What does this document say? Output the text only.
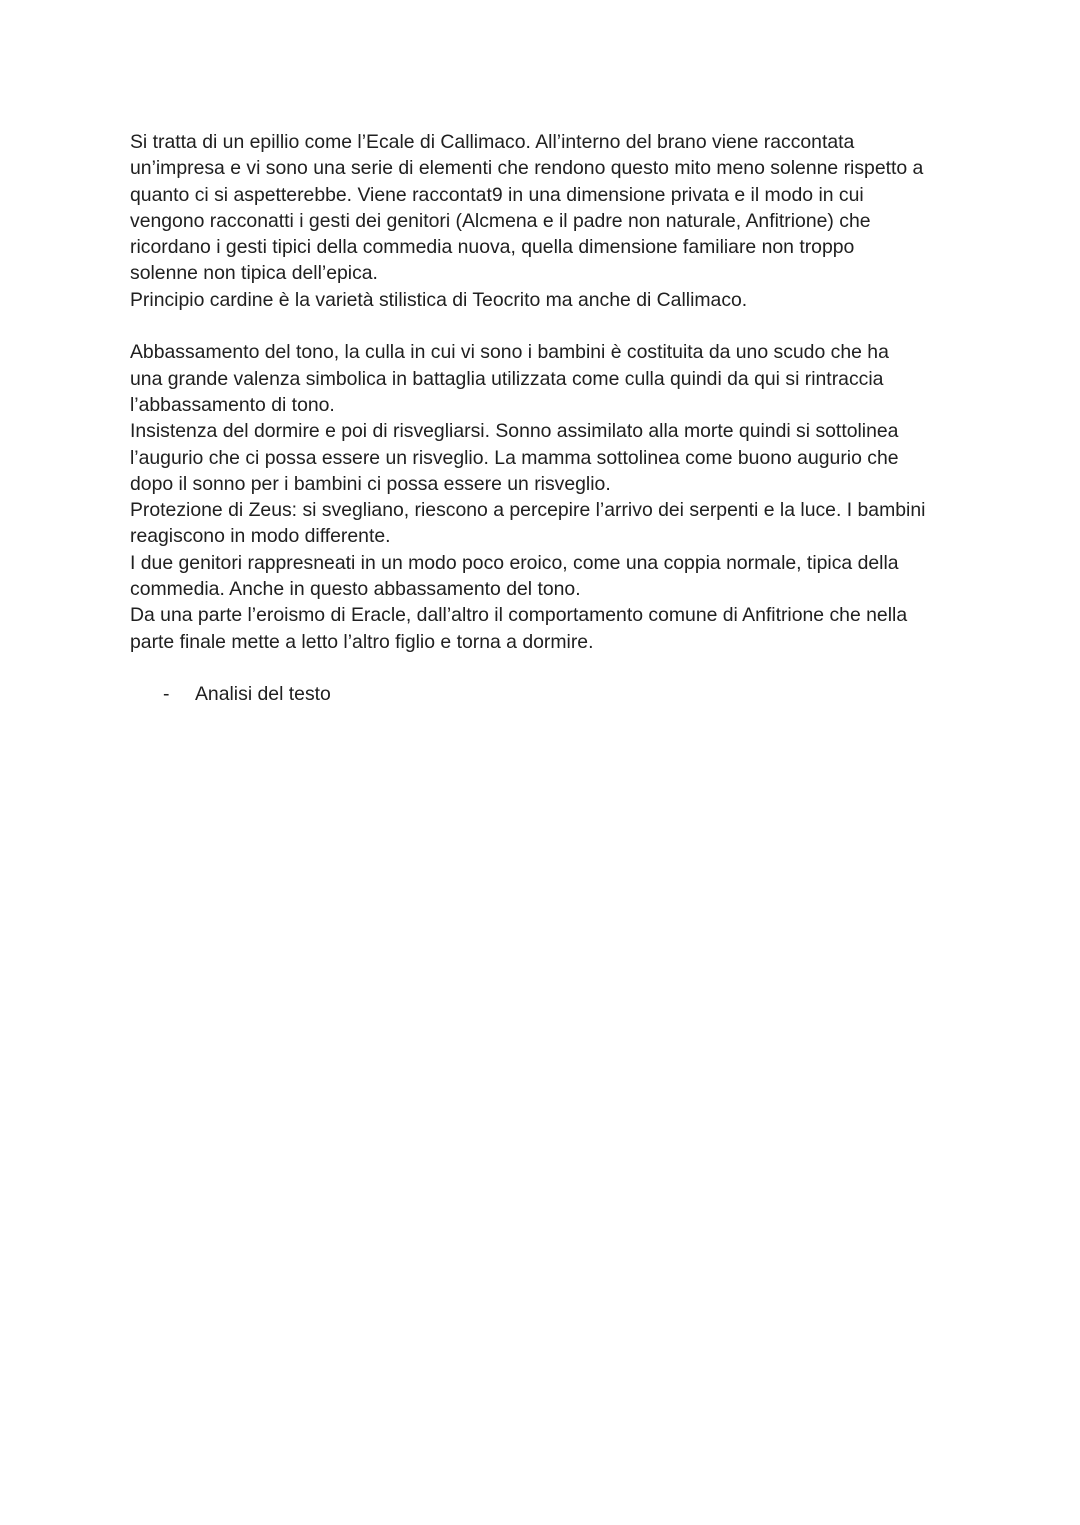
Si tratta di un epillio come l’Ecale di Callimaco. All’interno del brano viene raccontata
un’impresa e vi sono una serie di elementi che rendono questo mito meno solenne rispetto a
quanto ci si aspetterebbe. Viene raccontat9 in una dimensione privata e il modo in cui
vengono racconatti i gesti dei genitori (Alcmena e il padre non naturale, Anfitrione) che
ricordano i gesti tipici della commedia nuova, quella dimensione familiare non troppo
solenne non tipica dell’epica.
Principio cardine è la varietà stilistica di Teocrito ma anche di Callimaco.

Abbassamento del tono, la culla in cui vi sono i bambini è costituita da uno scudo che ha
una grande valenza simbolica in battaglia utilizzata come culla quindi da qui si rintraccia
l’abbassamento di tono.
Insistenza del dormire e poi di risvegliarsi. Sonno assimilato alla morte quindi si sottolinea
l’augurio che ci possa essere un risveglio. La mamma sottolinea come buono augurio che
dopo il sonno per i bambini ci possa essere un risveglio.
Protezione di Zeus: si svegliano, riescono a percepire l’arrivo dei serpenti e la luce. I bambini
reagiscono in modo differente.
I due genitori rappresneati in un modo poco eroico, come una coppia normale, tipica della
commedia. Anche in questo abbassamento del tono.
Da una parte l’eroismo di Eracle, dall’altro il comportamento comune di Anfitrione che nella
parte finale mette a letto l’altro figlio e torna a dormire.

- Analisi del testo
